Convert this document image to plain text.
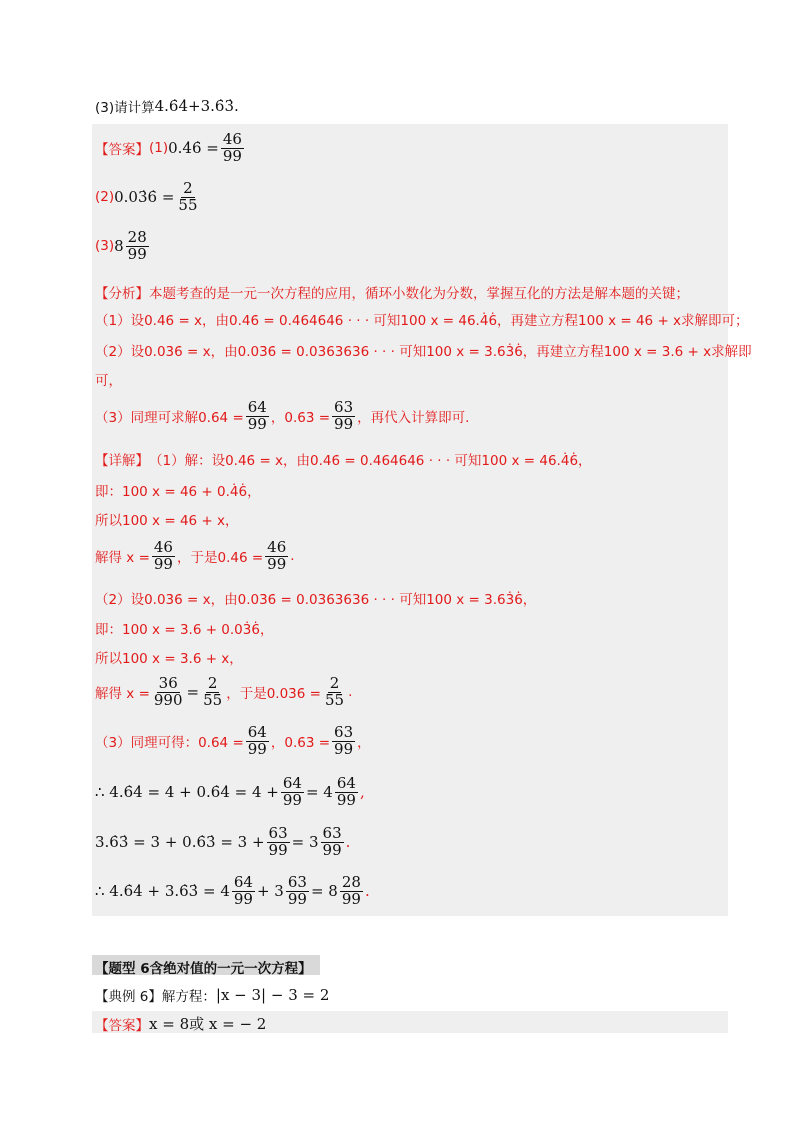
(3)请计算 4.6̇4̇+3.6̇3̇.
【答案】 (1) 0.4̇6̇ = $\frac{46}{99}$
(2) 0.03̇6̇ = $\frac{2}{55}$
(3) $8 \frac{28}{99}$
【分析】 本题考查的是一元一次方程的应用，循环小数化为分数，掌握互化的方法是解本题的关键；
（1）设0.4̇6̇ = x，由0.4̇6̇ = 0.464646 · · · 可知100 x = 46.4̇6̇，再建立方程100 x = 46 + x求解即可；
（2）设0.03̇6̇ = x，由0.03̇6̇ = 0.0363636 · · · 可知100 x = 3.63̇6̇，再建立方程100 x = 3.6 + x求解即
可，
（3）同理可求解0.6̇4̇ = $\frac{64}{99}$ ，0.6̇3̇ = $\frac{63}{99}$ ，再代入计算即可.
【详解】 （1）解：设0.4̇6̇ = x，由0.4̇6̇ = 0.464646 · · · 可知100 x = 46.4̇6̇，
即：100 x = 46 + 0.4̇6̇，
所以100 x = 46 + x，
解得 $x = \frac{46}{99}$ ，于是0.4̇6̇ = $\frac{46}{99}$ .
（2）设0.03̇6̇ = x，由0.03̇6̇ = 0.0363636 · · · 可知100 x = 3.63̇6̇，
即：100 x = 3.6 + 0.03̇6̇，
所以100 x = 3.6 + x，
解得 $x = \frac{36}{990} = \frac{2}{55}$ ，于是0.03̇6̇ = $\frac{2}{55}$ .
（3）同理可得：0.6̇4̇ = $\frac{64}{99}$ ，0.6̇3̇ = $\frac{63}{99}$ ，
∴ 4.6̇4̇ = 4 + 0.6̇4̇ = $4 + \frac{64}{99} = 4 \frac{64}{99}$ ,
3.6̇3̇ = 3 + 0.6̇3̇ = $3 + \frac{63}{99} = 3 \frac{63}{99}$ .
∴ 4.6̇4̇ + 3.6̇3̇ = $4 \frac{64}{99} + 3 \frac{63}{99} = 8 \frac{28}{99}$ .
【题型 6 含绝对值的一元一次方程】
【典例 6】解方程： |x − 3| − 3 = 2
【答案】 x = 8或 x = − 2
